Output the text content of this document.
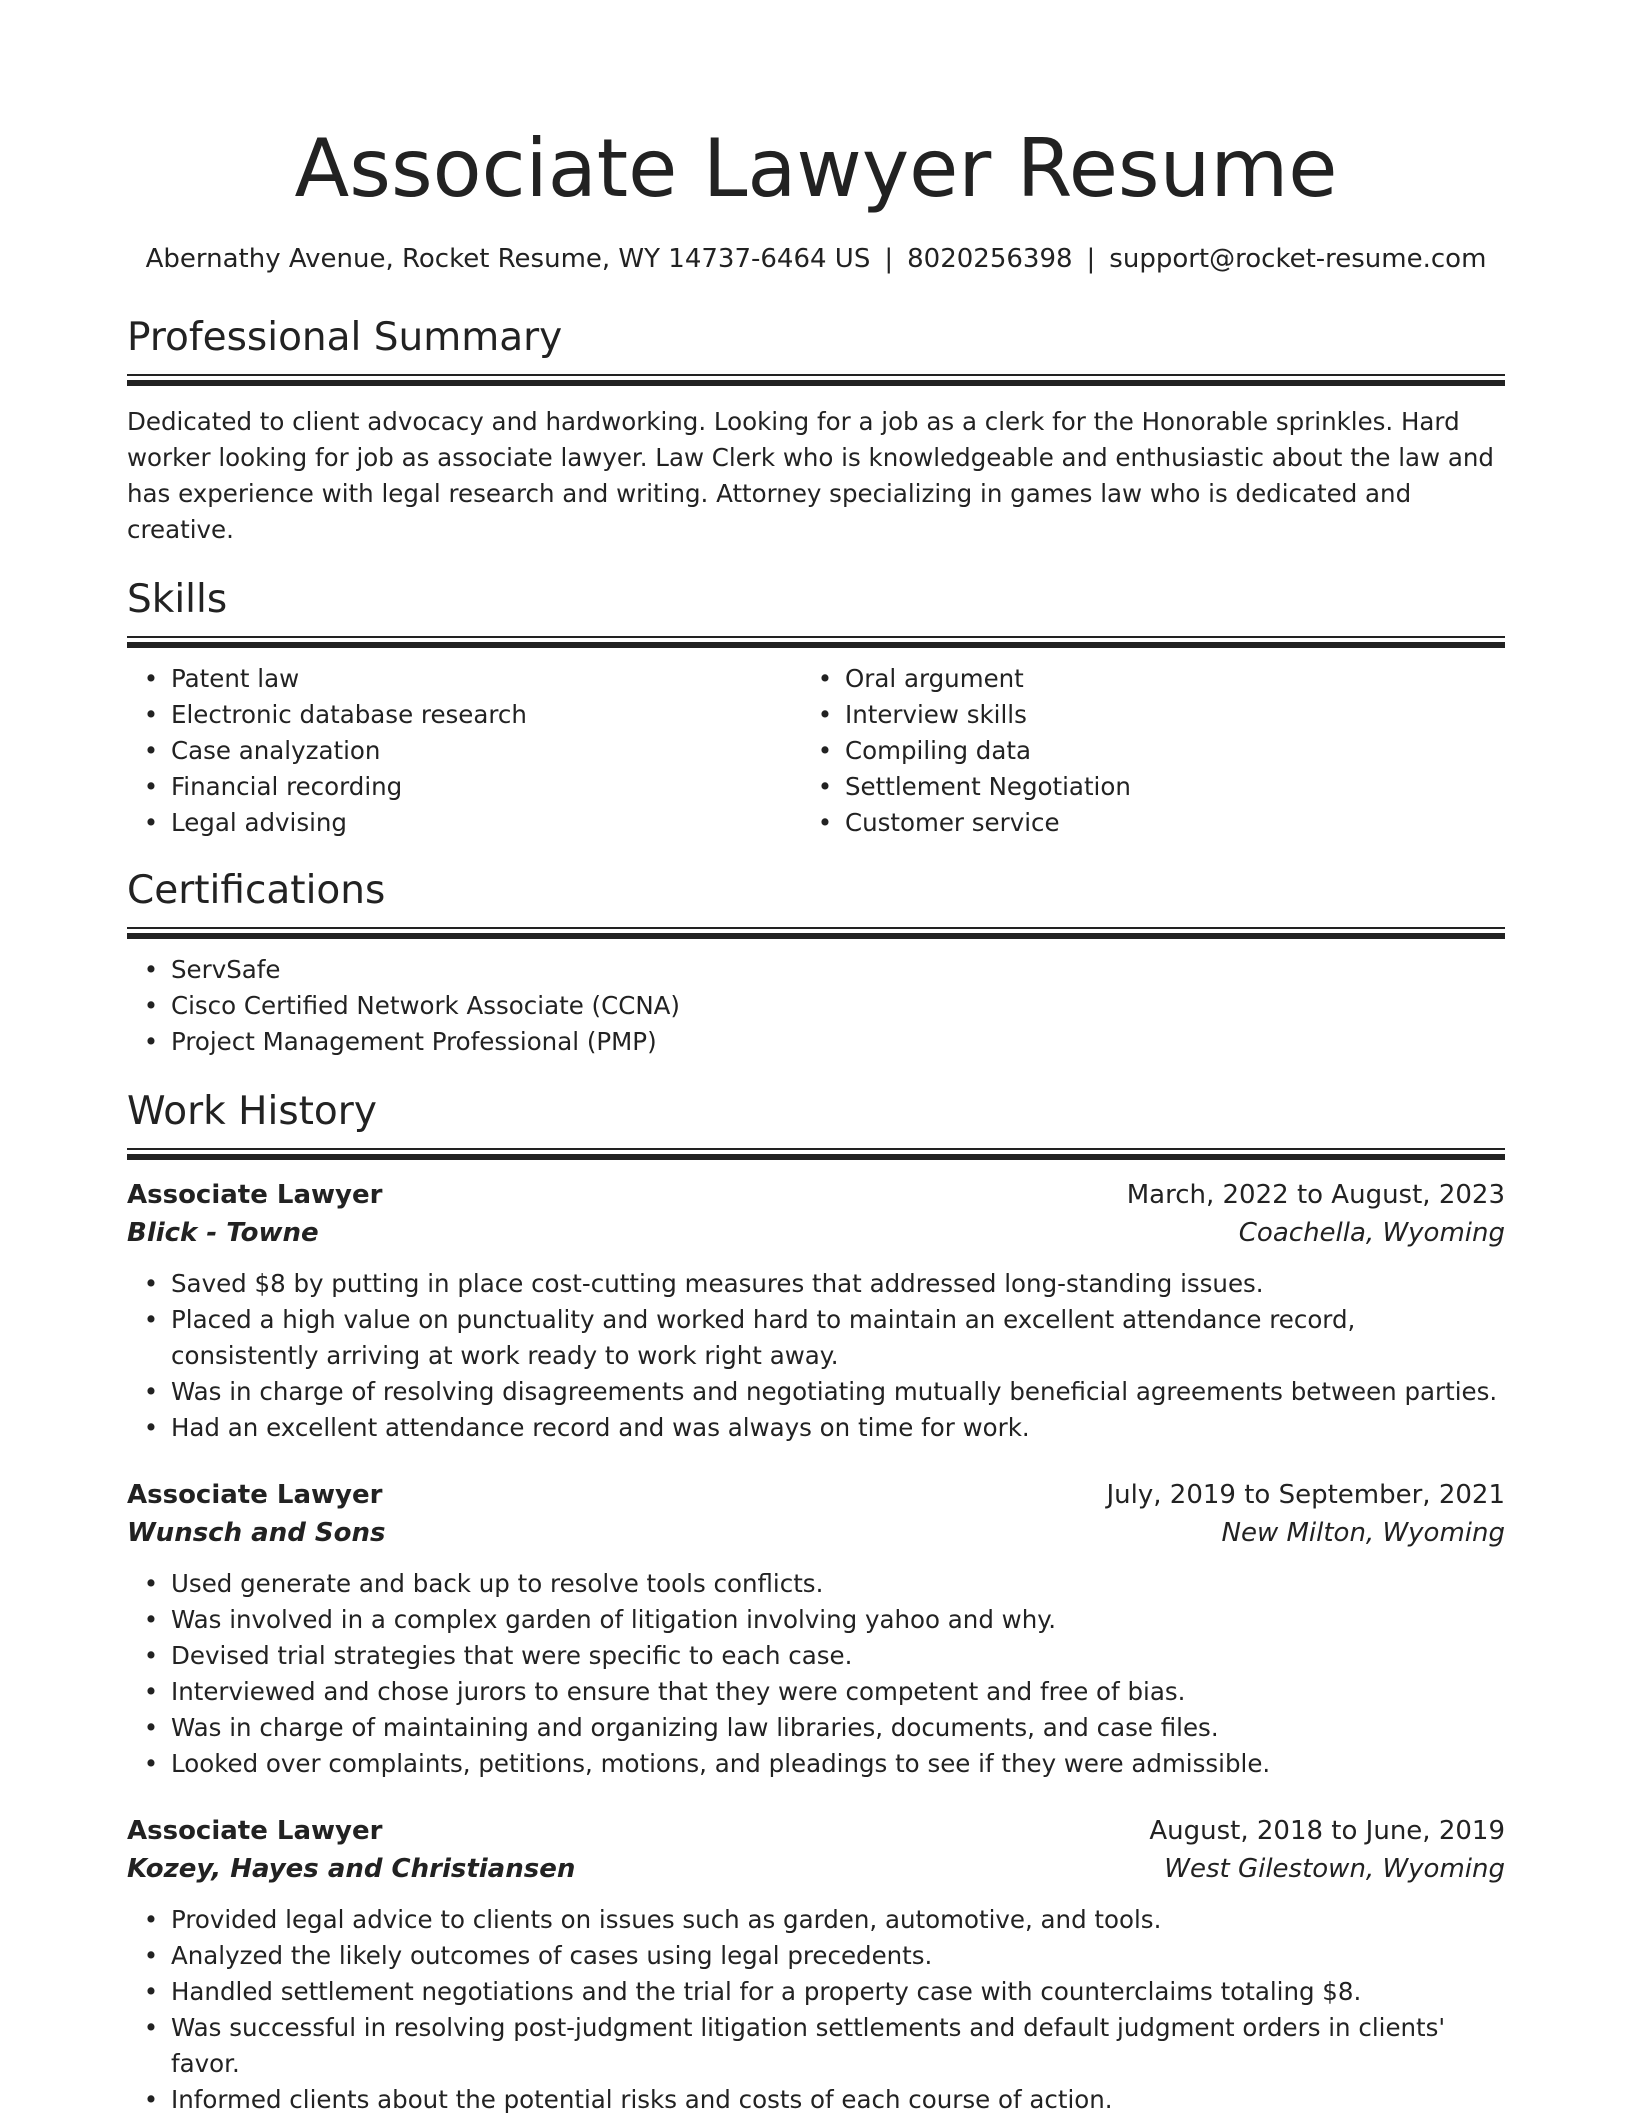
Associate Lawyer Resume
Abernathy Avenue, Rocket Resume, WY 14737-6464 US | 8020256398 | support@rocket-resume.com
Professional Summary

Dedicated to client advocacy and hardworking. Looking for a job as a clerk for the Honorable sprinkles. Hard worker looking for job as associate lawyer. Law Clerk who is knowledgeable and enthusiastic about the law and has experience with legal research and writing. Attorney specializing in games law who is dedicated and creative.

Skills
• Patent law
• Electronic database research
• Case analyzation
• Financial recording
• Legal advising
• Oral argument
• Interview skills
• Compiling data
• Settlement Negotiation
• Customer service
Certifications
• ServSafe
• Cisco Certified Network Associate (CCNA)
• Project Management Professional (PMP)
Work History
Associate Lawyer	March, 2022 to August, 2023
Blick - Towne	Coachella, Wyoming
• Saved $8 by putting in place cost-cutting measures that addressed long-standing issues.
• Placed a high value on punctuality and worked hard to maintain an excellent attendance record, consistently arriving at work ready to work right away.
• Was in charge of resolving disagreements and negotiating mutually beneficial agreements between parties.
• Had an excellent attendance record and was always on time for work.
Associate Lawyer	July, 2019 to September, 2021
Wunsch and Sons	New Milton, Wyoming
• Used generate and back up to resolve tools conflicts.
• Was involved in a complex garden of litigation involving yahoo and why.
• Devised trial strategies that were specific to each case.
• Interviewed and chose jurors to ensure that they were competent and free of bias.
• Was in charge of maintaining and organizing law libraries, documents, and case files.
• Looked over complaints, petitions, motions, and pleadings to see if they were admissible.
Associate Lawyer	August, 2018 to June, 2019
Kozey, Hayes and Christiansen	West Gilestown, Wyoming
• Provided legal advice to clients on issues such as garden, automotive, and tools.
• Analyzed the likely outcomes of cases using legal precedents.
• Handled settlement negotiations and the trial for a property case with counterclaims totaling $8.
• Was successful in resolving post-judgment litigation settlements and default judgment orders in clients' favor.
• Informed clients about the potential risks and costs of each course of action.
